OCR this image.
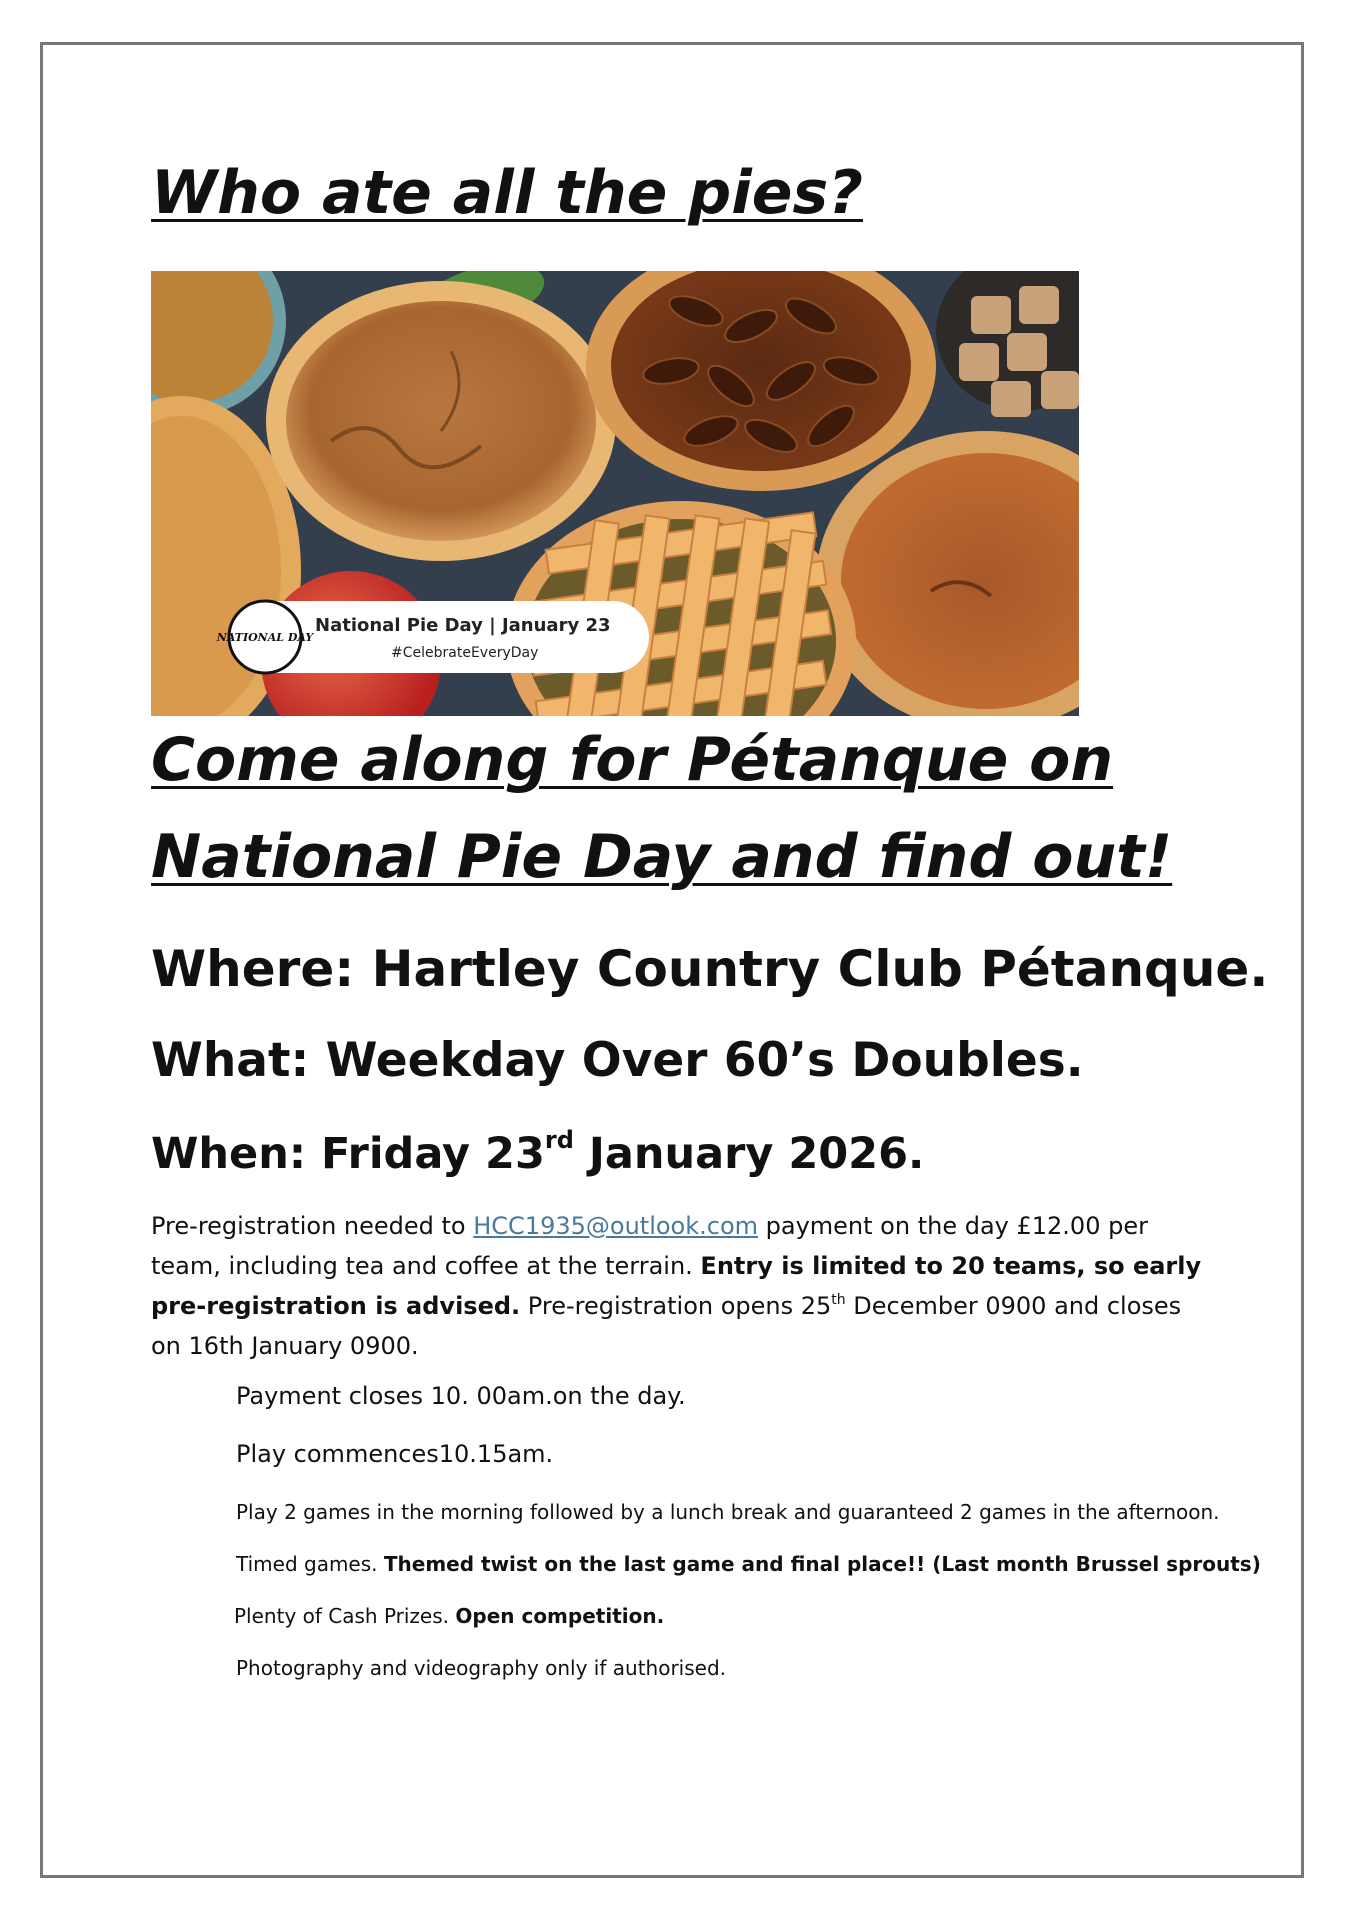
Who ate all the pies?
NATIONAL DAY
National Pie Day | January 23
#CelebrateEveryDay
Come along for Pétanque on
National Pie Day and find out!

Where: Hartley Country Club Pétanque.

What: Weekday Over 60’s Doubles.

When: Friday 23rd January 2026.

Pre-registration needed to HCC1935@outlook.com payment on the day £12.00 per team, including tea and coffee at the terrain. Entry is limited to 20 teams, so early pre-registration is advised. Pre-registration opens 25th December 0900 and closes on 16th January 0900.

Payment closes 10. 00am.on the day.

Play commences10.15am.

Play 2 games in the morning followed by a lunch break and guaranteed 2 games in the afternoon.

Timed games. Themed twist on the last game and final place!! (Last month Brussel sprouts)

Plenty of Cash Prizes. Open competition.

Photography and videography only if authorised.
